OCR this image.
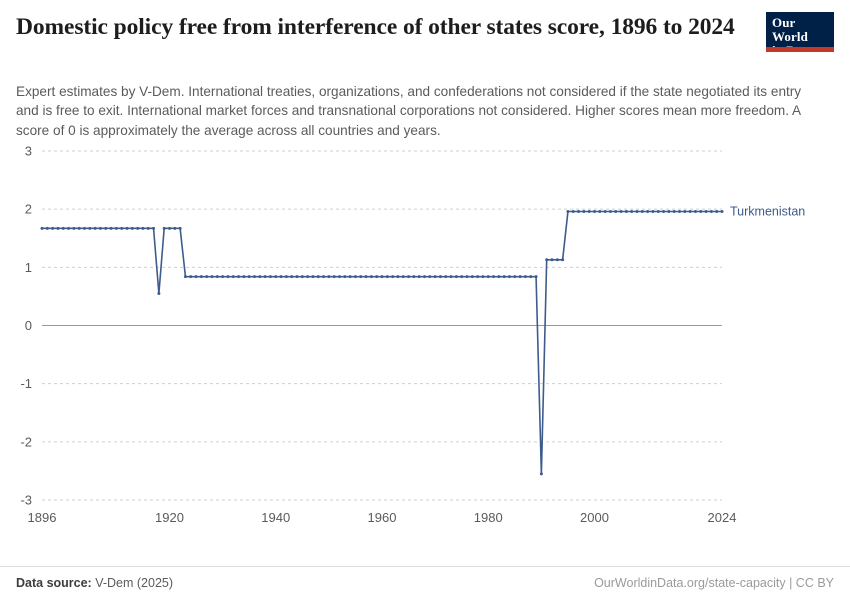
Domestic policy free from interference of other states score, 1896 to 2024

Expert estimates by V-Dem. International treaties, organizations, and confederations not considered if the state negotiated its entry and is free to exit. International market forces and transnational corporations not considered. Higher scores mean more freedom. A score of 0 is approximately the average across all countries and years.

Our World
-3
-2
-1
0
1
2
3
1896	1920	1940	1960	1980	2000	2024
Turkmenistan
Data source: V-Dem (2025)	OurWorldinData.org/state-capacity | CC BY
